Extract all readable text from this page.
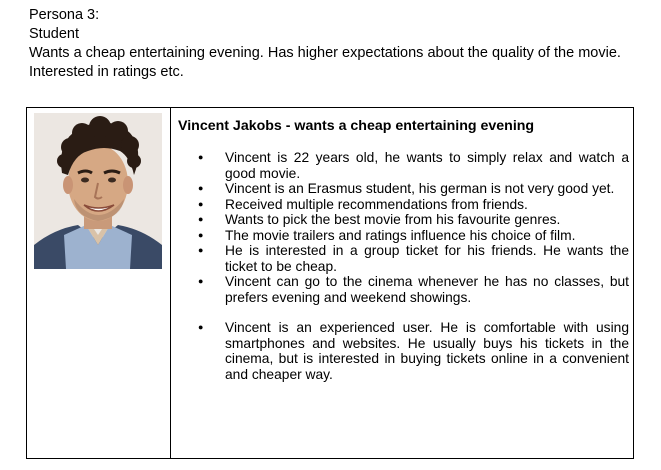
Persona 3:
Student
Wants a cheap entertaining evening. Has higher expectations about the quality of the movie.
Interested in ratings etc.
Vincent Jakobs - wants a cheap entertaining evening
● Vincent is 22 years old, he wants to simply relax and watch a good movie.
● Vincent is an Erasmus student, his german is not very good yet.
● Received multiple recommendations from friends.
● Wants to pick the best movie from his favourite genres.
● The movie trailers and ratings influence his choice of film.
● He is interested in a group ticket for his friends. He wants the ticket to be cheap.
● Vincent can go to the cinema whenever he has no classes, but prefers evening and weekend showings.
● Vincent is an experienced user. He is comfortable with using smartphones and websites. He usually buys his tickets in the cinema, but is interested in buying tickets online in a convenient and cheaper way.
